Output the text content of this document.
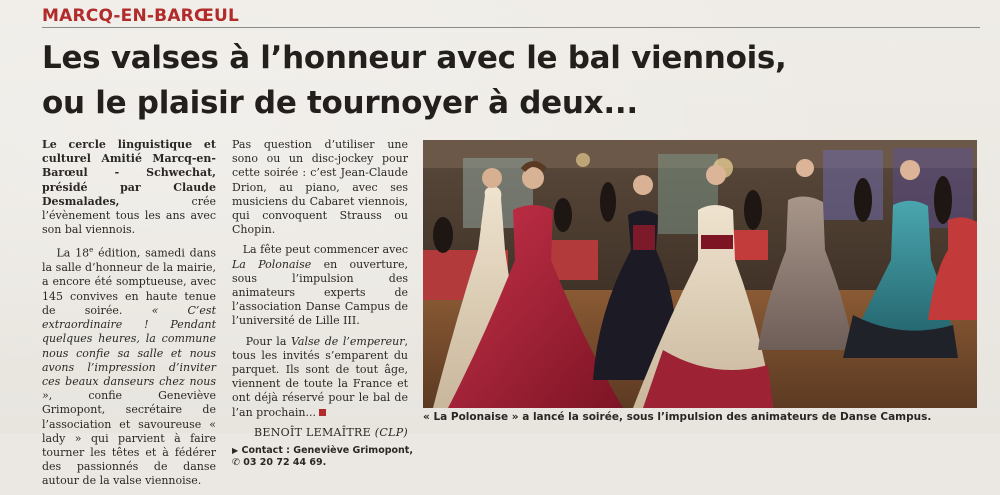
MARCQ-EN-BARŒUL
Les valses à l’honneur avec le bal viennois,
ou le plaisir de tournoyer à deux...

Le cercle linguistique et culturel Amitié Marcq-en-Barœul - Schwechat, présidé par Claude Desmalades, crée l’évènement tous les ans avec son bal viennois.

La 18e édition, samedi dans la salle d’honneur de la mairie, a encore été somptueuse, avec 145 convives en haute tenue de soirée. « C’est extraordinaire ! Pendant quelques heures, la commune nous confie sa salle et nous avons l’impression d’inviter ces beaux danseurs chez nous », confie Geneviève Grimopont, secrétaire de l’association et savoureuse « lady » qui parvient à faire tourner les têtes et à fédérer des passionnés de danse autour de la valse viennoise.

Pas question d’utiliser une sono ou un disc-jockey pour cette soirée : c’est Jean-Claude Drion, au piano, avec ses musiciens du Cabaret viennois, qui convoquent Strauss ou Chopin.

La fête peut commencer avec La Polonaise en ouverture, sous l’impulsion des animateurs experts de l’association Danse Campus de l’université de Lille III.

Pour la Valse de l’empereur, tous les invités s’emparent du parquet. Ils sont de tout âge, viennent de toute la France et ont déjà réservé pour le bal de l’an prochain...

BENOÎT LEMAÎTRE (CLP)
▶ Contact : Geneviève Grimopont,
✆ 03 20 72 44 69.
« La Polonaise » a lancé la soirée, sous l’impulsion des animateurs de Danse Campus.
